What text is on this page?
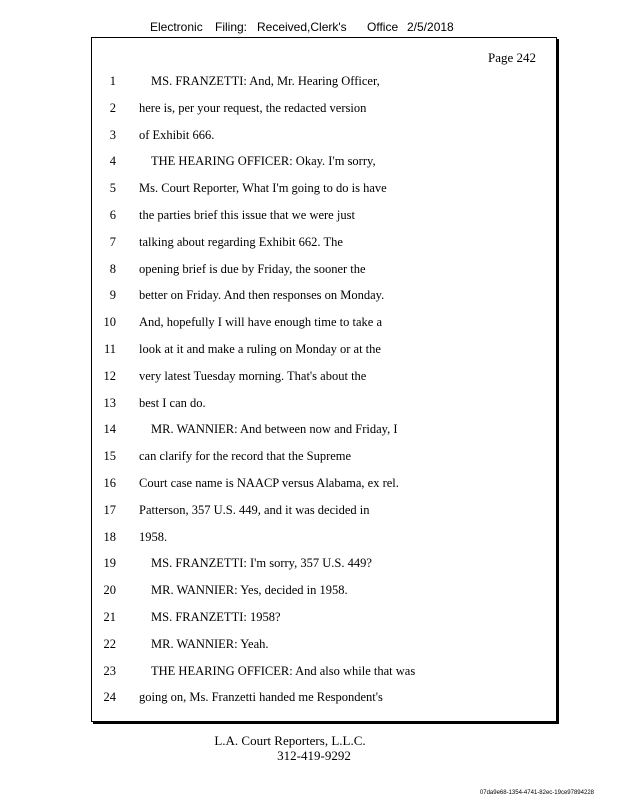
Electronic Filing: Received,Clerk's Office 2/5/2018
Page 242
1	MS. FRANZETTI: And, Mr. Hearing Officer,
2 here is, per your request, the redacted version
3 of Exhibit 666.
4	THE HEARING OFFICER: Okay. I'm sorry,
5 Ms. Court Reporter, What I'm going to do is have
6 the parties brief this issue that we were just
7 talking about regarding Exhibit 662. The
8 opening brief is due by Friday, the sooner the
9 better on Friday. And then responses on Monday.
10 And, hopefully I will have enough time to take a
11 look at it and make a ruling on Monday or at the
12 very latest Tuesday morning. That's about the
13 best I can do.
14	MR. WANNIER: And between now and Friday, I
15 can clarify for the record that the Supreme
16 Court case name is NAACP versus Alabama, ex rel.
17 Patterson, 357 U.S. 449, and it was decided in
18 1958.
19	MS. FRANZETTI: I'm sorry, 357 U.S. 449?
20	MR. WANNIER: Yes, decided in 1958.
21	MS. FRANZETTI: 1958?
22	MR. WANNIER: Yeah.
23	THE HEARING OFFICER: And also while that was
24 going on, Ms. Franzetti handed me Respondent's
L.A. Court Reporters, L.L.C.
312-419-9292
07da9e68-1354-4741-82ec-19ce97894228
